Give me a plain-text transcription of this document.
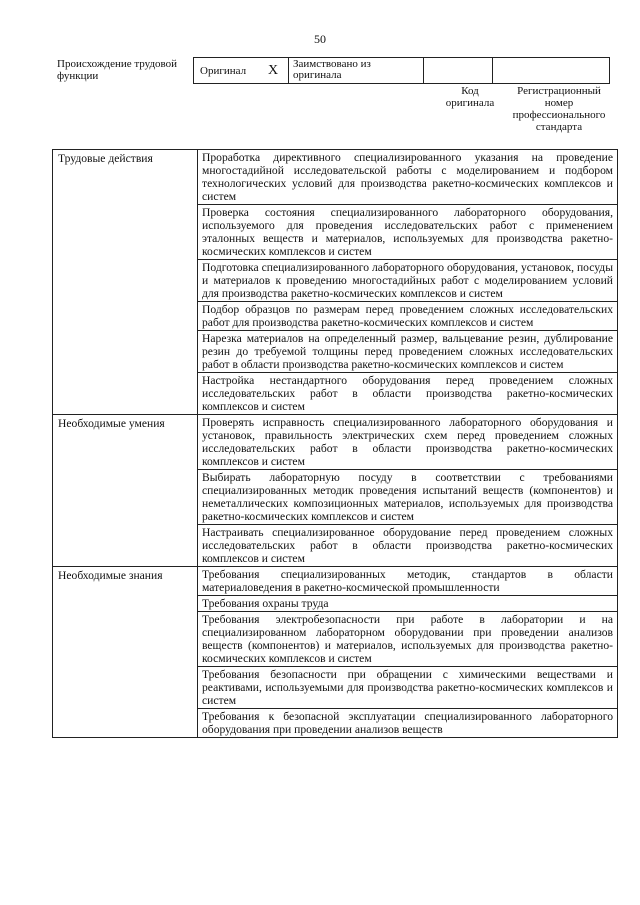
50
Происхождение трудовой функции	Оригинал	X	Заимствовано из оригинала		
Код оригинала
Регистрационный номер профессионального стандарта
Трудовые действия	Проработка директивного специализированного указания на проведение многостадийной исследовательской работы с моделированием и подбором технологических условий для производства ракетно-космических комплексов и систем
	Проверка состояния специализированного лабораторного оборудования, используемого для проведения исследовательских работ с применением эталонных веществ и материалов, используемых для производства ракетно-космических комплексов и систем
	Подготовка специализированного лабораторного оборудования, установок, посуды и материалов к проведению многостадийных работ с моделированием условий для производства ракетно-космических комплексов и систем
	Подбор образцов по размерам перед проведением сложных исследовательских работ для производства ракетно-космических комплексов и систем
	Нарезка материалов на определенный размер, вальцевание резин, дублирование резин до требуемой толщины перед проведением сложных исследовательских работ в области производства ракетно-космических комплексов и систем
	Настройка нестандартного оборудования перед проведением сложных исследовательских работ в области производства ракетно-космических комплексов и систем
Необходимые умения	Проверять исправность специализированного лабораторного оборудования и установок, правильность электрических схем перед проведением сложных исследовательских работ в области производства ракетно-космических комплексов и систем
	Выбирать лабораторную посуду в соответствии с требованиями специализированных методик проведения испытаний веществ (компонентов) и неметаллических композиционных материалов, используемых для производства ракетно-космических комплексов и систем
	Настраивать специализированное оборудование перед проведением сложных исследовательских работ в области производства ракетно-космических комплексов и систем
Необходимые знания	Требования специализированных методик, стандартов в области материаловедения в ракетно-космической промышленности
	Требования охраны труда
	Требования электробезопасности при работе в лаборатории и на специализированном лабораторном оборудовании при проведении анализов веществ (компонентов) и материалов, используемых для производства ракетно-космических комплексов и систем
	Требования безопасности при обращении с химическими веществами и реактивами, используемыми для производства ракетно-космических комплексов и систем
	Требования к безопасной эксплуатации специализированного лабораторного оборудования при проведении анализов веществ
